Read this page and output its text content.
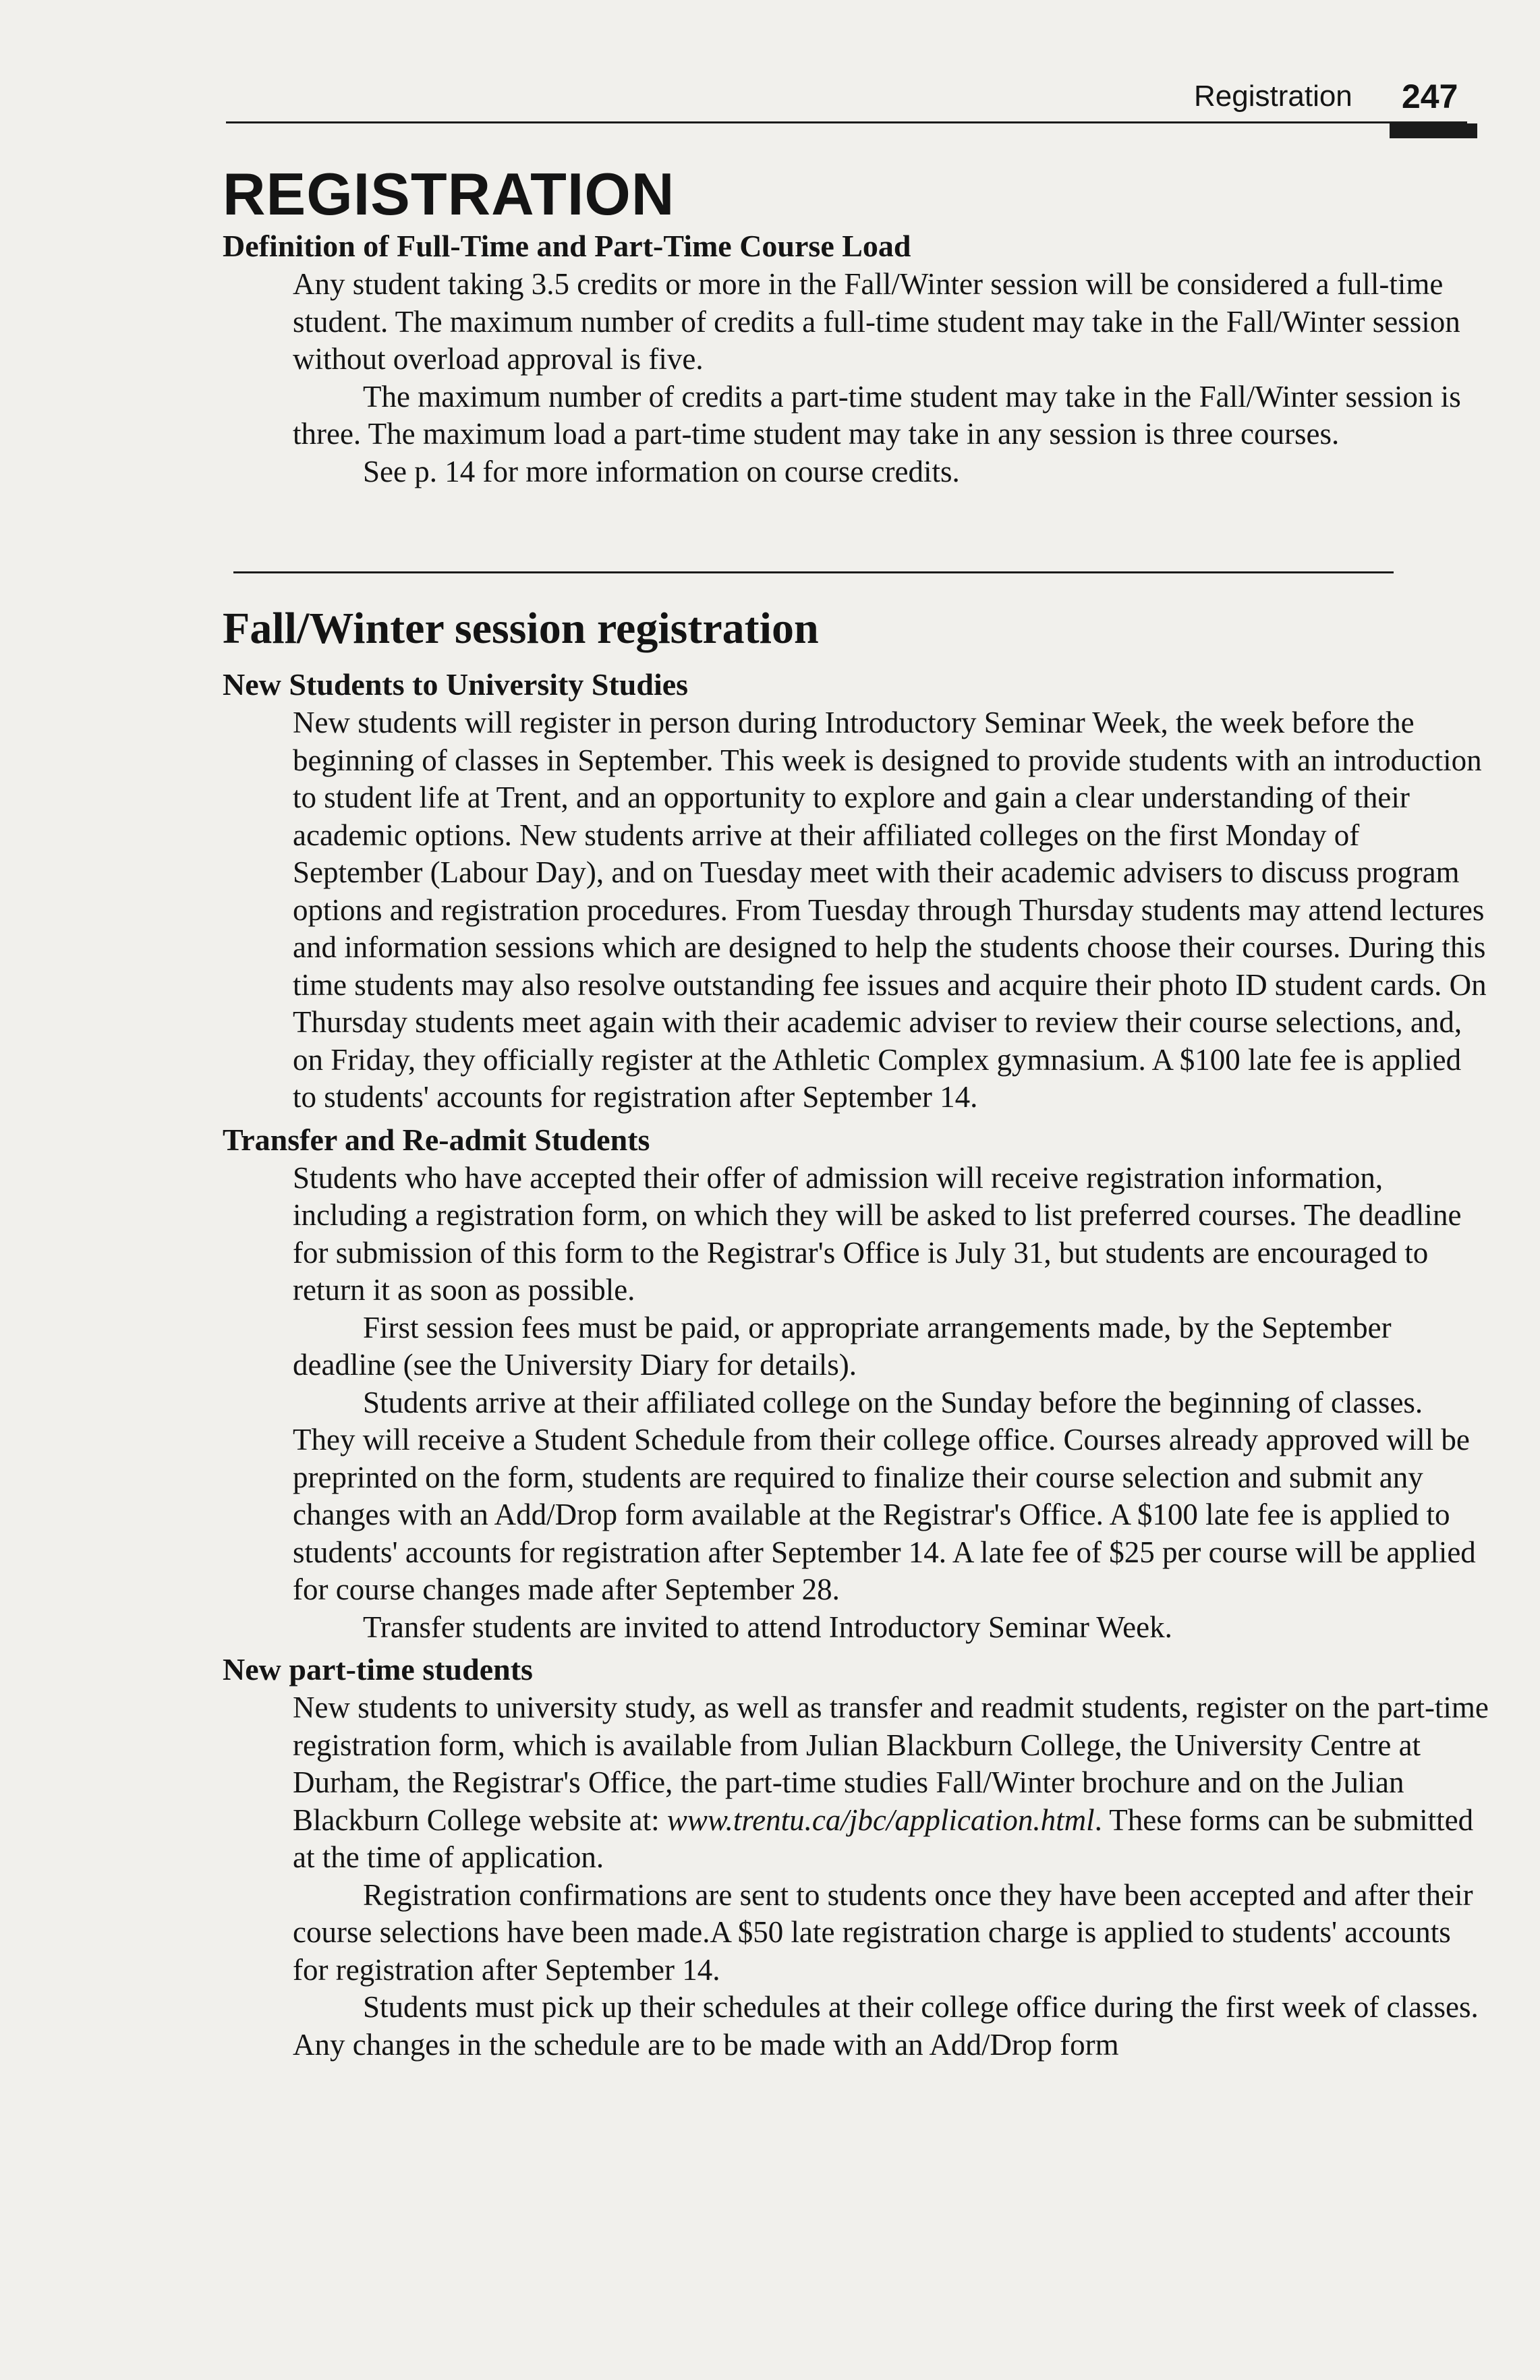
Registration 247
REGISTRATION
Definition of Full-Time and Part-Time Course Load

Any student taking 3.5 credits or more in the Fall/Winter session will be considered a full-time student. The maximum number of credits a full-time student may take in the Fall/Winter session without overload approval is five.

The maximum number of credits a part-time student may take in the Fall/Winter session is three. The maximum load a part-time student may take in any session is three courses.

See p. 14 for more information on course credits.

Fall/Winter session registration
New Students to University Studies

New students will register in person during Introductory Seminar Week, the week before the beginning of classes in September. This week is designed to provide students with an introduction to student life at Trent, and an opportunity to explore and gain a clear understanding of their academic options. New students arrive at their affiliated colleges on the first Monday of September (Labour Day), and on Tuesday meet with their academic advisers to discuss program options and registration procedures. From Tuesday through Thursday students may attend lectures and information sessions which are designed to help the students choose their courses. During this time students may also resolve outstanding fee issues and acquire their photo ID student cards. On Thursday students meet again with their academic adviser to review their course selections, and, on Friday, they officially register at the Athletic Complex gymnasium. A $100 late fee is applied to students' accounts for registration after September 14.

Transfer and Re-admit Students

Students who have accepted their offer of admission will receive registration information, including a registration form, on which they will be asked to list preferred courses. The deadline for submission of this form to the Registrar's Office is July 31, but students are encouraged to return it as soon as possible.

First session fees must be paid, or appropriate arrangements made, by the September deadline (see the University Diary for details).

Students arrive at their affiliated college on the Sunday before the beginning of classes. They will receive a Student Schedule from their college office. Courses already approved will be preprinted on the form, students are required to finalize their course selection and submit any changes with an Add/Drop form available at the Registrar's Office. A $100 late fee is applied to students' accounts for registration after September 14. A late fee of $25 per course will be applied for course changes made after September 28.

Transfer students are invited to attend Introductory Seminar Week.

New part-time students

New students to university study, as well as transfer and readmit students, register on the part-time registration form, which is available from Julian Blackburn College, the University Centre at Durham, the Registrar's Office, the part-time studies Fall/Winter brochure and on the Julian Blackburn College website at: www.trentu.ca/jbc/application.html. These forms can be submitted at the time of application.

Registration confirmations are sent to students once they have been accepted and after their course selections have been made.A $50 late registration charge is applied to students' accounts for registration after September 14.

Students must pick up their schedules at their college office during the first week of classes. Any changes in the schedule are to be made with an Add/Drop form
